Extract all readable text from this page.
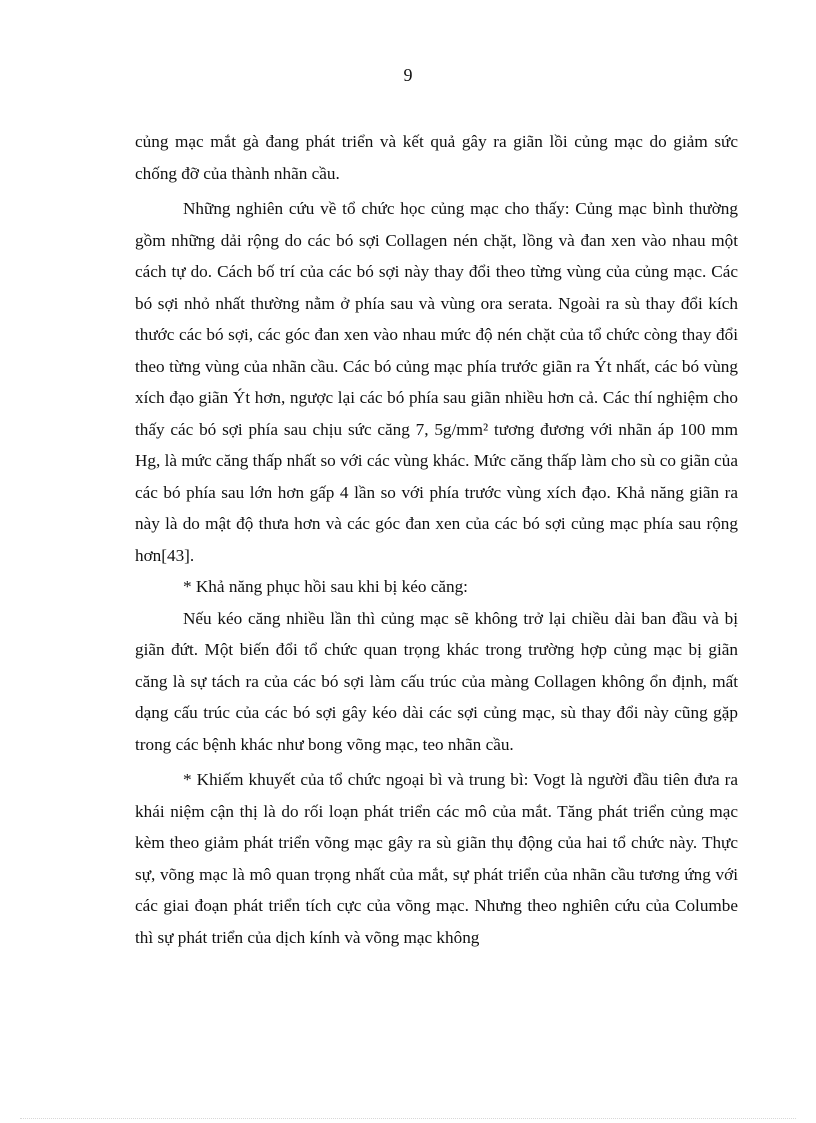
9

củng mạc mắt gà đang phát triển và kết quả gây ra giãn lồi củng mạc do giảm sức chống đỡ của thành nhãn cầu.

Những nghiên cứu về tổ chức học củng mạc cho thấy: Củng mạc bình thường gồm những dải rộng do các bó sợi Collagen nén chặt, lồng và đan xen vào nhau một cách tự do. Cách bố trí của các bó sợi này thay đổi theo từng vùng của củng mạc. Các bó sợi nhỏ nhất thường nằm ở phía sau và vùng ora serata. Ngoài ra sù thay đổi kích thước các bó sợi, các góc đan xen vào nhau mức độ nén chặt của tổ chức còng thay đổi theo từng vùng của nhãn cầu. Các bó củng mạc phía trước giãn ra Ýt nhất, các bó vùng xích đạo giãn Ýt hơn, ngược lại các bó phía sau giãn nhiều hơn cả. Các thí nghiệm cho thấy các bó sợi phía sau chịu sức căng 7, 5g/mm² tương đương với nhãn áp 100 mm Hg, là mức căng thấp nhất so với các vùng khác. Mức căng thấp làm cho sù co giãn của các bó phía sau lớn hơn gấp 4 lần so với phía trước vùng xích đạo. Khả năng giãn ra này là do mật độ thưa hơn và các góc đan xen của các bó sợi củng mạc phía sau rộng hơn[43].

* Khả năng phục hồi sau khi bị kéo căng:

Nếu kéo căng nhiều lần thì củng mạc sẽ không trở lại chiều dài ban đầu và bị giãn đứt. Một biến đổi tổ chức quan trọng khác trong trường hợp củng mạc bị giãn căng là sự tách ra của các bó sợi làm cấu trúc của màng Collagen không ổn định, mất dạng cấu trúc của các bó sợi gây kéo dài các sợi củng mạc, sù thay đổi này cũng gặp trong các bệnh khác như bong võng mạc, teo nhãn cầu.

* Khiếm khuyết của tổ chức ngoại bì và trung bì: Vogt là người đầu tiên đưa ra khái niệm cận thị là do rối loạn phát triển các mô của mắt. Tăng phát triển củng mạc kèm theo giảm phát triển võng mạc gây ra sù giãn thụ động của hai tổ chức này. Thực sự, võng mạc là mô quan trọng nhất của mắt, sự phát triển của nhãn cầu tương ứng với các giai đoạn phát triển tích cực của võng mạc. Nhưng theo nghiên cứu của Columbe thì sự phát triển của dịch kính và võng mạc không
